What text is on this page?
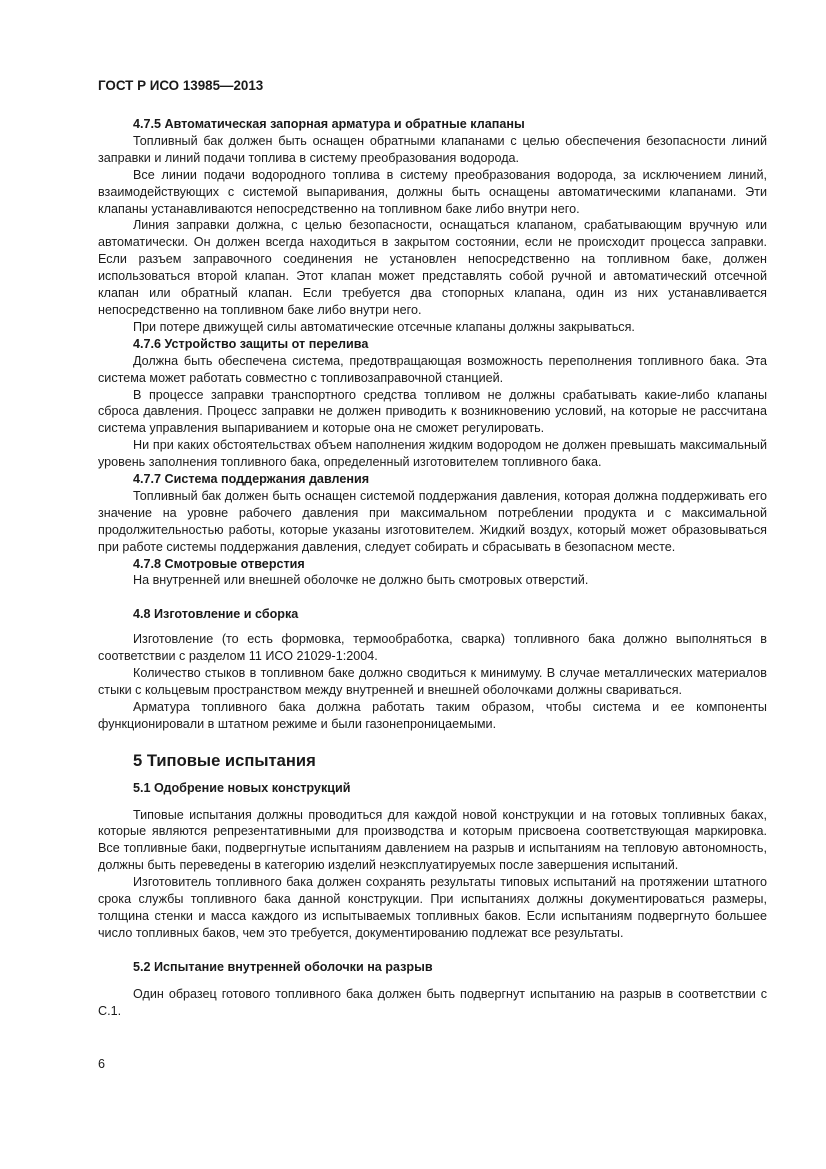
ГОСТ Р ИСО 13985—2013
4.7.5 Автоматическая запорная арматура и обратные клапаны

Топливный бак должен быть оснащен обратными клапанами с целью обеспечения безопасности линий заправки и линий подачи топлива в систему преобразования водорода.

Все линии подачи водородного топлива в систему преобразования водорода, за исключением линий, взаимодействующих с системой выпаривания, должны быть оснащены автоматическими клапанами. Эти клапаны устанавливаются непосредственно на топливном баке либо внутри него.

Линия заправки должна, с целью безопасности, оснащаться клапаном, срабатывающим вручную или автоматически. Он должен всегда находиться в закрытом состоянии, если не происходит процесса заправки. Если разъем заправочного соединения не установлен непосредственно на топливном баке, должен использоваться второй клапан. Этот клапан может представлять собой ручной и автоматический отсечной клапан или обратный клапан. Если требуется два стопорных клапана, один из них устанавливается непосредственно на топливном баке либо внутри него.

При потере движущей силы автоматические отсечные клапаны должны закрываться.

4.7.6 Устройство защиты от перелива

Должна быть обеспечена система, предотвращающая возможность переполнения топливного бака. Эта система может работать совместно с топливозаправочной станцией.

В процессе заправки транспортного средства топливом не должны срабатывать какие-либо клапаны сброса давления. Процесс заправки не должен приводить к возникновению условий, на которые не рассчитана система управления выпариванием и которые она не сможет регулировать.

Ни при каких обстоятельствах объем наполнения жидким водородом не должен превышать максимальный уровень заполнения топливного бака, определенный изготовителем топливного бака.

4.7.7 Система поддержания давления

Топливный бак должен быть оснащен системой поддержания давления, которая должна поддерживать его значение на уровне рабочего давления при максимальном потреблении продукта и с максимальной продолжительностью работы, которые указаны изготовителем. Жидкий воздух, который может образовываться при работе системы поддержания давления, следует собирать и сбрасывать в безопасном месте.

4.7.8 Смотровые отверстия

На внутренней или внешней оболочке не должно быть смотровых отверстий.

4.8 Изготовление и сборка

Изготовление (то есть формовка, термообработка, сварка) топливного бака должно выполняться в соответствии с разделом 11 ИСО 21029-1:2004.

Количество стыков в топливном баке должно сводиться к минимуму. В случае металлических материалов стыки с кольцевым пространством между внутренней и внешней оболочками должны свариваться.

Арматура топливного бака должна работать таким образом, чтобы система и ее компоненты функционировали в штатном режиме и были газонепроницаемыми.

5 Типовые испытания
5.1 Одобрение новых конструкций

Типовые испытания должны проводиться для каждой новой конструкции и на готовых топливных баках, которые являются репрезентативными для производства и которым присвоена соответствующая маркировка. Все топливные баки, подвергнутые испытаниям давлением на разрыв и испытаниям на тепловую автономность, должны быть переведены в категорию изделий неэксплуатируемых после завершения испытаний.

Изготовитель топливного бака должен сохранять результаты типовых испытаний на протяжении штатного срока службы топливного бака данной конструкции. При испытаниях должны документироваться размеры, толщина стенки и масса каждого из испытываемых топливных баков. Если испытаниям подвергнуто большее число топливных баков, чем это требуется, документированию подлежат все результаты.

5.2 Испытание внутренней оболочки на разрыв

Один образец готового топливного бака должен быть подвергнут испытанию на разрыв в соответствии с С.1.

6
